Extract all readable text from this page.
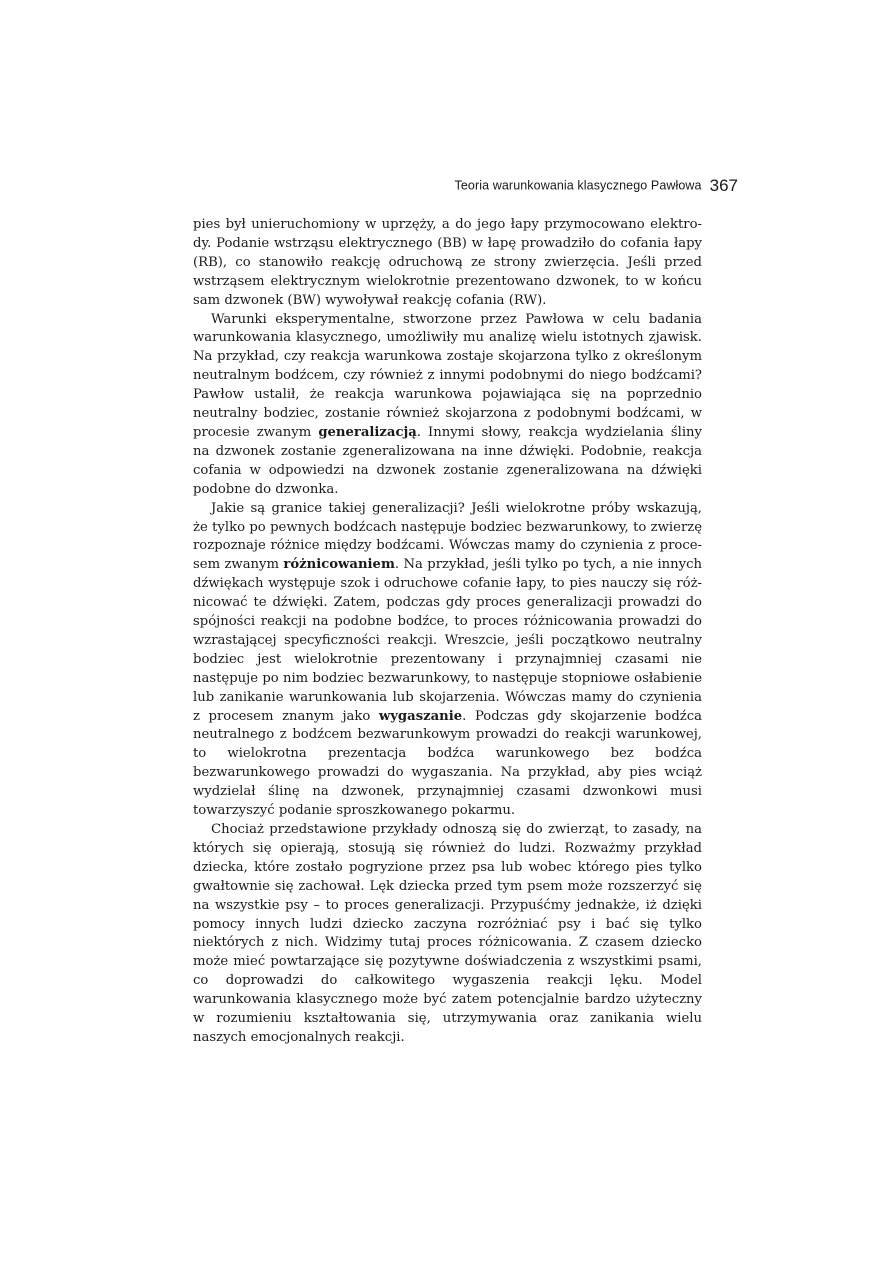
Teoria warunkowania klasycznego Pawłowa 367

pies był unieruchomiony w uprzęży, a do jego łapy przymocowano elektrody. Podanie wstrząsu elektrycznego (BB) w łapę prowadziło do cofania łapy (RB), co stanowiło reakcję odruchową ze strony zwierzęcia. Jeśli przed wstrząsem elektrycznym wielokrotnie prezentowano dzwonek, to w końcu sam dzwonek (BW) wywoływał reakcję cofania (RW).

Warunki eksperymentalne, stworzone przez Pawłowa w celu badania warunkowania klasycznego, umożliwiły mu analizę wielu istotnych zjawisk. Na przykład, czy reakcja warunkowa zostaje skojarzona tylko z określonym neutralnym bodźcem, czy również z innymi podobnymi do niego bodźcami? Pawłow ustalił, że reakcja warunkowa pojawiająca się na poprzednio neutralny bodziec, zostanie również skojarzona z podobnymi bodźcami, w procesie zwanym generalizacją. Innymi słowy, reakcja wydzielania śliny na dzwonek zostanie zgeneralizowana na inne dźwięki. Podobnie, reakcja cofania w odpowiedzi na dzwonek zostanie zgeneralizowana na dźwięki podobne do dzwonka.

Jakie są granice takiej generalizacji? Jeśli wielokrotne próby wskazują, że tylko po pewnych bodźcach następuje bodziec bezwarunkowy, to zwierzę rozpoznaje różnice między bodźcami. Wówczas mamy do czynienia z procesem zwanym różnicowaniem. Na przykład, jeśli tylko po tych, a nie innych dźwiękach występuje szok i odruchowe cofanie łapy, to pies nauczy się różnicować te dźwięki. Zatem, podczas gdy proces generalizacji prowadzi do spójności reakcji na podobne bodźce, to proces różnicowania prowadzi do wzrastającej specyficzności reakcji. Wreszcie, jeśli początkowo neutralny bodziec jest wielokrotnie prezentowany i przynajmniej czasami nie następuje po nim bodziec bezwarunkowy, to następuje stopniowe osłabienie lub zanikanie warunkowania lub skojarzenia. Wówczas mamy do czynienia z procesem znanym jako wygaszanie. Podczas gdy skojarzenie bodźca neutralnego z bodźcem bezwarunkowym prowadzi do reakcji warunkowej, to wielokrotna prezentacja bodźca warunkowego bez bodźca bezwarunkowego prowadzi do wygaszania. Na przykład, aby pies wciąż wydzielał ślinę na dzwonek, przynajmniej czasami dzwonkowi musi towarzyszyć podanie sproszkowanego pokarmu.

Chociaż przedstawione przykłady odnoszą się do zwierząt, to zasady, na których się opierają, stosują się również do ludzi. Rozważmy przykład dziecka, które zostało pogryzione przez psa lub wobec którego pies tylko gwałtownie się zachował. Lęk dziecka przed tym psem może rozszerzyć się na wszystkie psy – to proces generalizacji. Przypuśćmy jednakże, iż dzięki pomocy innych ludzi dziecko zaczyna rozróżniać psy i bać się tylko niektórych z nich. Widzimy tutaj proces różnicowania. Z czasem dziecko może mieć powtarzające się pozytywne doświadczenia z wszystkimi psami, co doprowadzi do całkowitego wygaszenia reakcji lęku. Model warunkowania klasycznego może być zatem potencjalnie bardzo użyteczny w rozumieniu kształtowania się, utrzymywania oraz zanikania wielu naszych emocjonalnych reakcji.
